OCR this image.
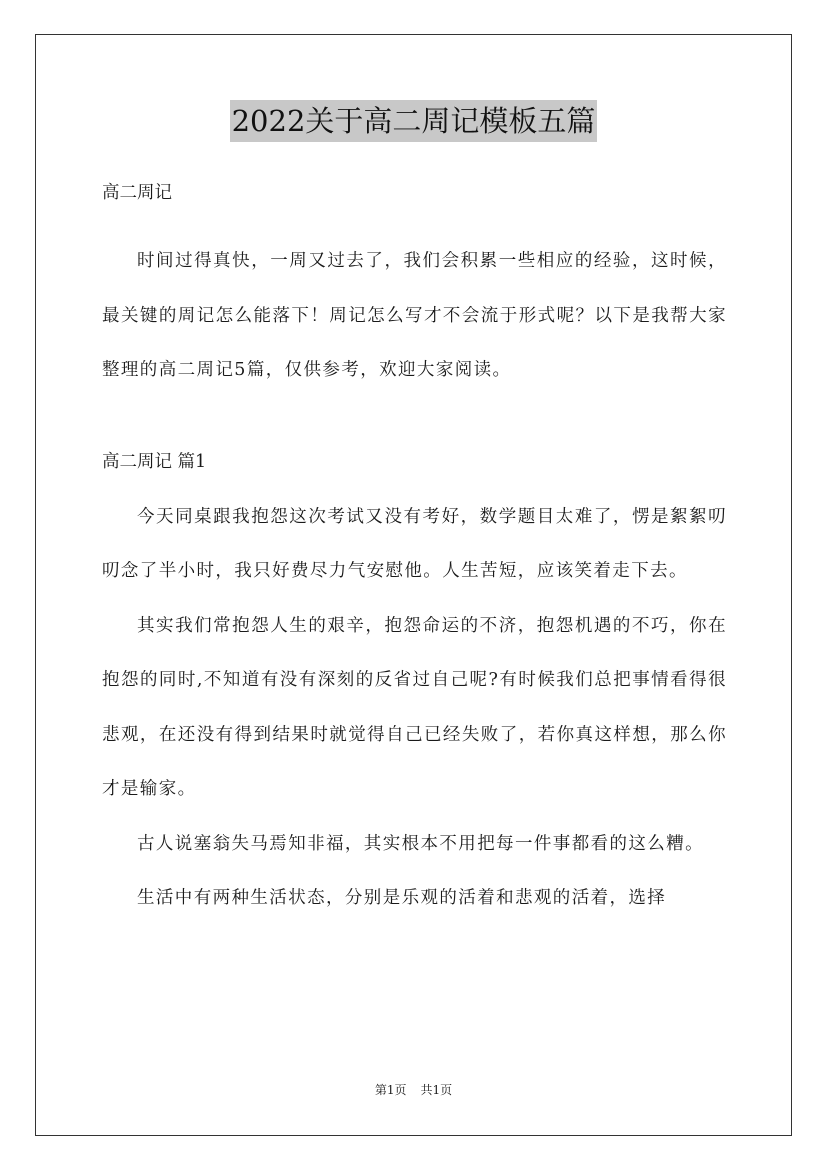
2022关于高二周记模板五篇

高二周记

时间过得真快，一周又过去了，我们会积累一些相应的经验，这时候，最关键的周记怎么能落下！周记怎么写才不会流于形式呢？以下是我帮大家整理的高二周记5篇，仅供参考，欢迎大家阅读。

高二周记 篇1

今天同桌跟我抱怨这次考试又没有考好，数学题目太难了，愣是絮絮叨叨念了半小时，我只好费尽力气安慰他。人生苦短，应该笑着走下去。

其实我们常抱怨人生的艰辛，抱怨命运的不济，抱怨机遇的不巧，你在抱怨的同时,不知道有没有深刻的反省过自己呢?有时候我们总把事情看得很悲观，在还没有得到结果时就觉得自己已经失败了，若你真这样想，那么你才是输家。

古人说塞翁失马焉知非福，其实根本不用把每一件事都看的这么糟。

生活中有两种生活状态，分别是乐观的活着和悲观的活着，选择

第1页 共1页
